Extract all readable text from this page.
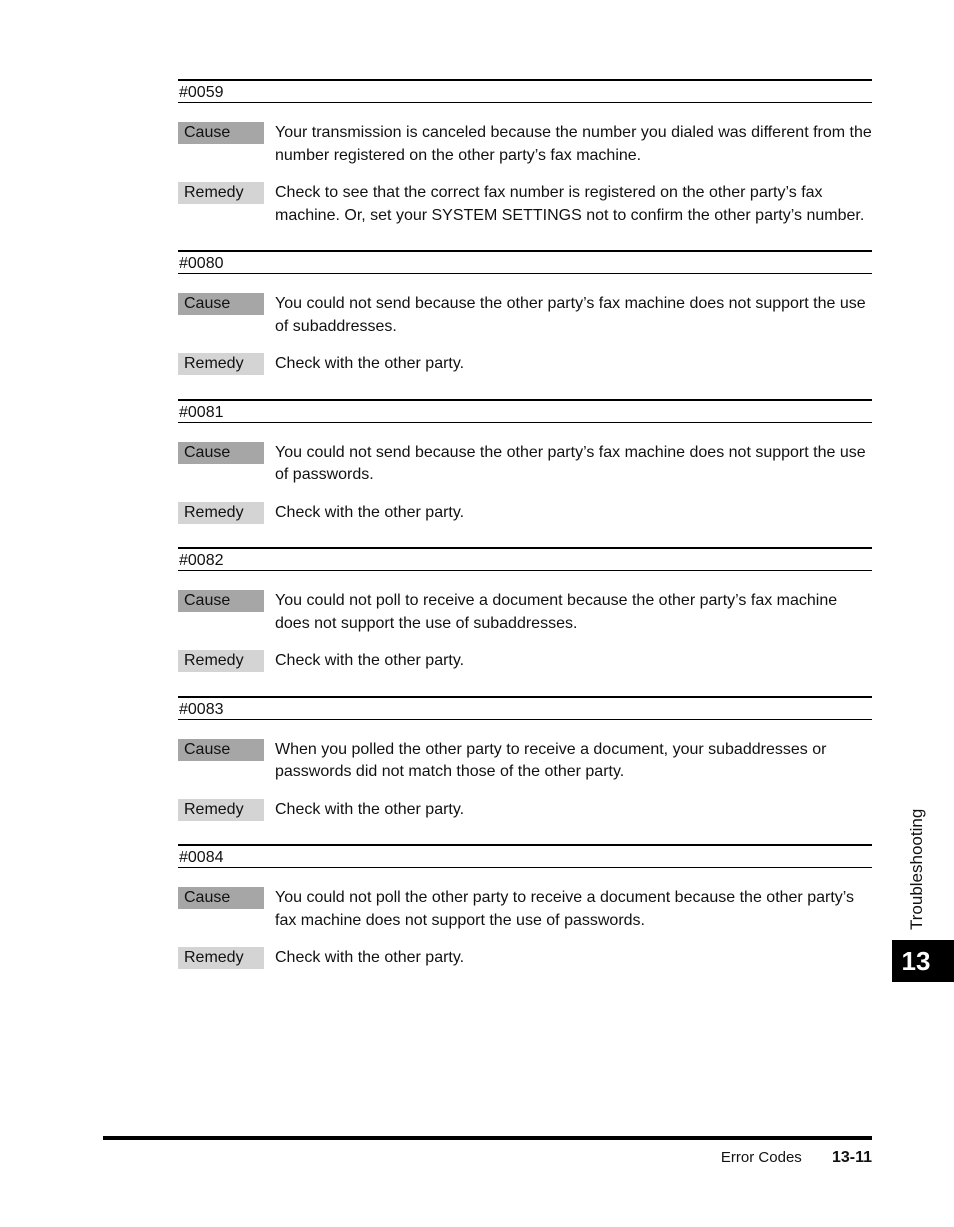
#0059
Cause	Your transmission is canceled because the number you dialed was different from the number registered on the other party’s fax machine.
Remedy	Check to see that the correct fax number is registered on the other party’s fax machine. Or, set your SYSTEM SETTINGS not to confirm the other party’s number.
#0080
Cause	You could not send because the other party’s fax machine does not support the use of subaddresses.
Remedy	Check with the other party.
#0081
Cause	You could not send because the other party’s fax machine does not support the use of passwords.
Remedy	Check with the other party.
#0082
Cause	You could not poll to receive a document because the other party’s fax machine does not support the use of subaddresses.
Remedy	Check with the other party.
#0083
Cause	When you polled the other party to receive a document, your subaddresses or passwords did not match those of the other party.
Remedy	Check with the other party.
#0084
Cause	You could not poll the other party to receive a document because the other party’s fax machine does not support the use of passwords.
Remedy	Check with the other party.
Troubleshooting
13
Error Codes 13-11
